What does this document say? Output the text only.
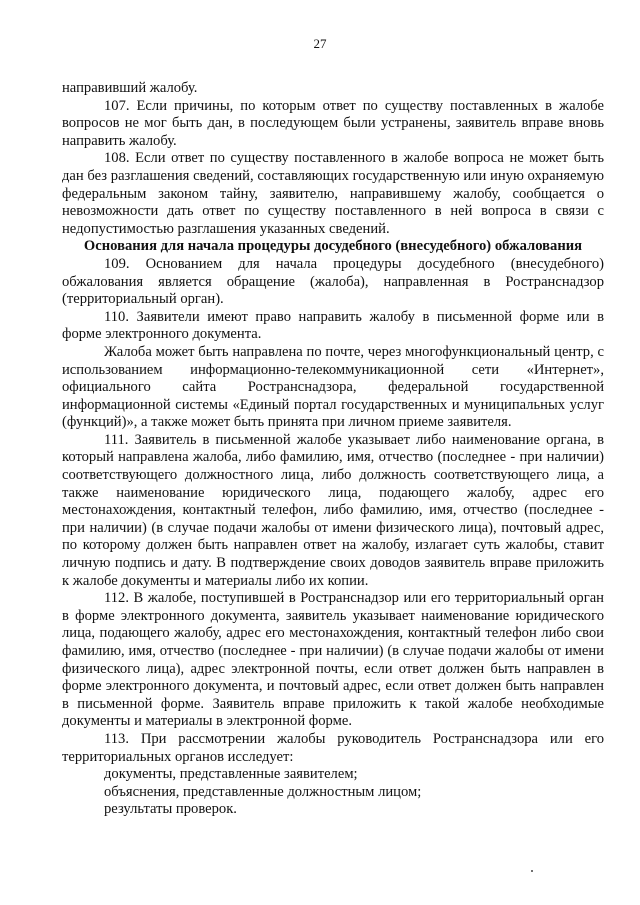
27

направивший жалобу.

107. Если причины, по которым ответ по существу поставленных в жалобе вопросов не мог быть дан, в последующем были устранены, заявитель вправе вновь направить жалобу.

108. Если ответ по существу поставленного в жалобе вопроса не может быть дан без разглашения сведений, составляющих государственную или иную охраняемую федеральным законом тайну, заявителю, направившему жалобу, сообщается о невозможности дать ответ по существу поставленного в ней вопроса в связи с недопустимостью разглашения указанных сведений.

Основания для начала процедуры досудебного (внесудебного) обжалования

109. Основанием для начала процедуры досудебного (внесудебного) обжалования является обращение (жалоба), направленная в Ространснадзор (территориальный орган).

110. Заявители имеют право направить жалобу в письменной форме или в форме электронного документа.

Жалоба может быть направлена по почте, через многофункциональный центр, с использованием информационно-телекоммуникационной сети «Интернет», официального сайта Ространснадзора, федеральной государственной информационной системы «Единый портал государственных и муниципальных услуг (функций)», а также может быть принята при личном приеме заявителя.

111. Заявитель в письменной жалобе указывает либо наименование органа, в который направлена жалоба, либо фамилию, имя, отчество (последнее - при наличии) соответствующего должностного лица, либо должность соответствующего лица, а также наименование юридического лица, подающего жалобу, адрес его местонахождения, контактный телефон, либо фамилию, имя, отчество (последнее - при наличии) (в случае подачи жалобы от имени физического лица), почтовый адрес, по которому должен быть направлен ответ на жалобу, излагает суть жалобы, ставит личную подпись и дату. В подтверждение своих доводов заявитель вправе приложить к жалобе документы и материалы либо их копии.

112. В жалобе, поступившей в Ространснадзор или его территориальный орган в форме электронного документа, заявитель указывает наименование юридического лица, подающего жалобу, адрес его местонахождения, контактный телефон либо свои фамилию, имя, отчество (последнее - при наличии) (в случае подачи жалобы от имени физического лица), адрес электронной почты, если ответ должен быть направлен в форме электронного документа, и почтовый адрес, если ответ должен быть направлен в письменной форме. Заявитель вправе приложить к такой жалобе необходимые документы и материалы в электронной форме.

113. При рассмотрении жалобы руководитель Ространснадзора или его территориальных органов исследует:

документы, представленные заявителем;

объяснения, представленные должностным лицом;

результаты проверок.
